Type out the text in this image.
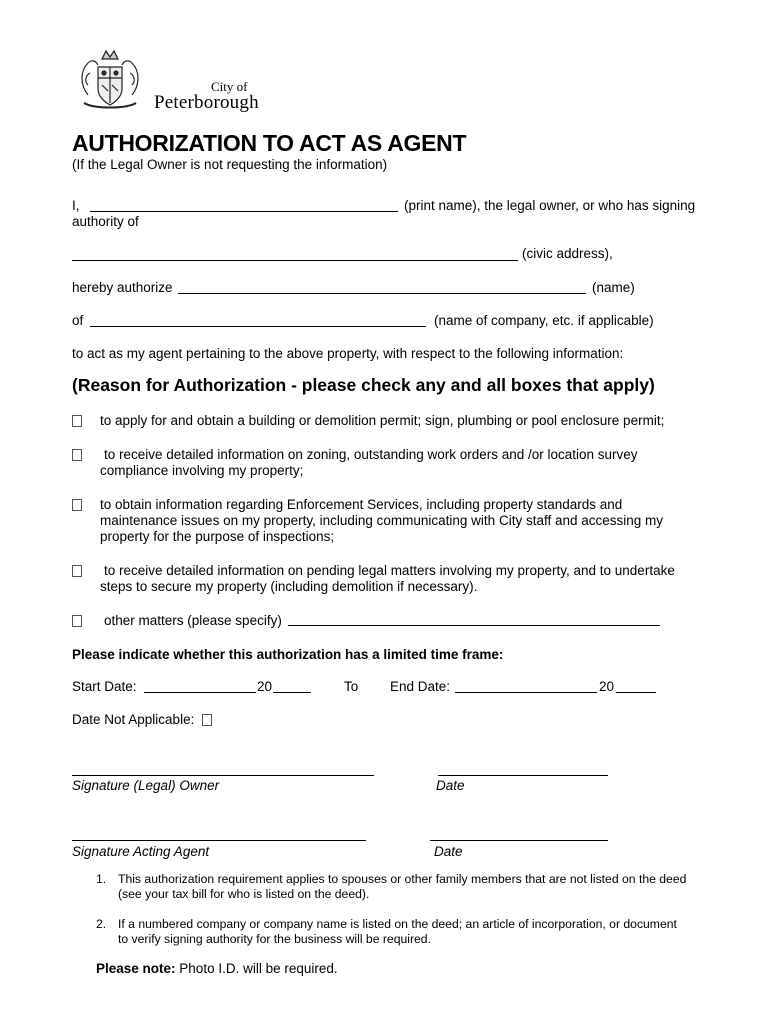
City of
Peterborough
AUTHORIZATION TO ACT AS AGENT
(If the Legal Owner is not requesting the information)
I,	(print name), the legal owner, or who has signing
authority of
(civic address),
hereby authorize	(name)
of	(name of company, etc. if applicable)
to act as my agent pertaining to the above property, with respect to the following information:
(Reason for Authorization - please check any and all boxes that apply)
to apply for and obtain a building or demolition permit; sign, plumbing or pool enclosure permit;
to receive detailed information on zoning, outstanding work orders and /or location survey
compliance involving my property;
to obtain information regarding Enforcement Services, including property standards and
maintenance issues on my property, including communicating with City staff and accessing my
property for the purpose of inspections;
to receive detailed information on pending legal matters involving my property, and to undertake
steps to secure my property (including demolition if necessary).
other matters (please specify)
Please indicate whether this authorization has a limited time frame:
Start Date:	20	To End Date:	20
Date Not Applicable:
Signature (Legal) Owner	Date
Signature Acting Agent	Date
1. This authorization requirement applies to spouses or other family members that are not listed on the deed
(see your tax bill for who is listed on the deed).
2. If a numbered company or company name is listed on the deed; an article of incorporation, or document
to verify signing authority for the business will be required.
Please note: Photo I.D. will be required.
